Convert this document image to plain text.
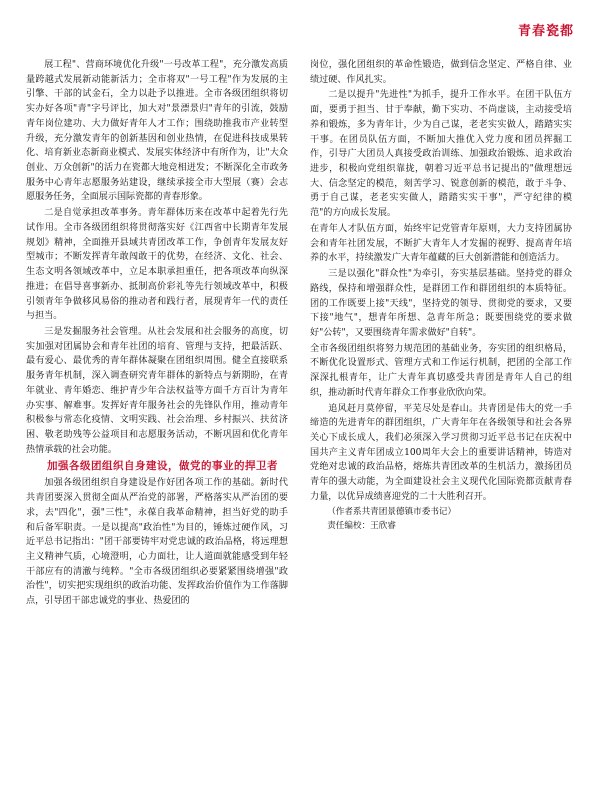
青春瓷都

展工程"、营商环境优化升级"一号改革工程"，充分激发高质量跨越式发展新动能新活力；全市将双"一号工程"作为发展的主引擎、干部的试金石，全力以赴予以推进。全市各级团组织将切实办好各项"青"字号评比，加大对"景漂景归"青年的引流，鼓励青年岗位建功、大力做好青年人才工作；围绕助推我市产业转型升级，充分激发青年的创新基因和创业热情，在促进科技成果转化、培育新业态新商业模式、发展实体经济中有所作为，让"大众创业、万众创新"的活力在瓷都大地竞相迸发；不断深化全市政务服务中心青年志愿服务站建设，继续承接全市大型展（赛）会志愿服务任务，全面展示国际瓷都的青春形象。

二是自觉承担改革事务。青年群体历来在改革中起着先行先试作用。全市各级团组织将贯彻落实好《江西省中长期青年发展规划》精神，全面推开县域共青团改革工作，争创青年发展友好型城市；不断发挥青年敢闯敢干的优势，在经济、文化、社会、生态文明各领域改革中，立足本职承担重任，把各项改革向纵深推进；在倡导喜事新办、抵制高价彩礼等先行领域改革中，积极引领青年争做移风易俗的推动者和践行者，展现青年一代的责任与担当。

三是发掘服务社会管理。从社会发展和社会服务的高度，切实加强对团属协会和青年社团的培育、管理与支持，把最活跃、最有爱心、最优秀的青年群体凝聚在团组织周围。健全直接联系服务青年机制，深入调查研究青年群体的新特点与新期盼，在青年就业、青年婚恋、维护青少年合法权益等方面千方百计为青年办实事、解难事。发挥好青年服务社会的先锋队作用，推动青年积极参与常态化疫情、文明实践、社会治理、乡村振兴、扶贫济困、敬老助残等公益项目和志愿服务活动，不断巩固和优化青年热情承载的社会功能。

加强各级团组织自身建设，做党的事业的捍卫者

加强各级团组织自身建设是作好团各项工作的基础。新时代共青团要深入贯彻全面从严治党的部署，严格落实从严治团的要求，去"四化"，强"三性"，永葆自我革命精神，担当好党的助手和后备军职责。一是以提高"政治性"为目的，锤炼过硬作风，习近平总书记指出："团干部要铸牢对党忠诚的政治品格，将远理想主义精神气质，心境澄明，心力面壮，让人道面就能感受到年轻干部应有的清澈与纯粹。"全市各级团组织必要紧紧围绕增强"政治性"，切实把实现组织的政治功能、发挥政治价值作为工作落脚点，引导团干部忠诚党的事业、热爱团的

岗位，强化团组织的革命性锻造，做到信念坚定、严格自律、业绩过硬、作风扎实。

二是以提升"先进性"为抓手，提升工作水平。在团干队伍方面，要勇于担当、甘于奉献，勤下实功、不尚虚谈，主动接受培养和锻炼，多为青年计，少为自己谋，老老实实做人，踏踏实实干事。在团员队伍方面，不断加大推优入党力度和团员挥掘工作，引导广大团员人真接受政治训练、加强政治锻炼、追求政治进步，积极向党组织靠拢，朝着习近平总书记提出的"做理想远大、信念坚定的模范，刻苦学习、锐意创新的模范，敢于斗争、勇于自己谋，老老实实做人，踏踏实实干事"，严守纪律的模范"的方向成长发展。

在青年人才队伍方面，始终牢记党管青年原则，大力支持团属协会和青年社团发展，不断扩大青年人才发掘的视野、提高青年培养的水平，持续激发广大青年蕴藏的巨大创新潜能和创造活力。

三是以强化"群众性"为牵引，夯实基层基础。坚持党的群众路线，保持和增强群众性，是群团工作和群团组织的本质特征。团的工作既要上接"天线"，坚持党的领导、贯彻党的要求，又要下接"地气"，想青年所想、急青年所急；既要围绕党的要求做好"公转"，又要围绕青年需求做好"自转"。

全市各级团组织将努力规范团的基础业务，夯实团的组织格局，不断优化设置形式、管理方式和工作运行机制，把团的全部工作深深扎根青年，让广大青年真切感受共青团是青年人自己的组织，推动新时代青年群众工作事业欣欣向荣。

追风赶月莫停留，平芜尽处是春山。共青团是伟大的党一手缔造的先进青年的群团组织，广大青年年在各级领导和社会各界关心下成长成人，我们必须深入学习贯彻习近平总书记在庆祝中国共产主义青年团成立100周年大会上的重要讲话精神，铸造对党绝对忠诚的政治品格，熔炼共青团改革的生机活力，激扬团员青年的强大动能，为全面建设社会主义现代化国际瓷都贡献青春力量，以优异成绩喜迎党的二十大胜利召开。

（作者系共青团景德镇市委书记）

责任编校：王欣睿
